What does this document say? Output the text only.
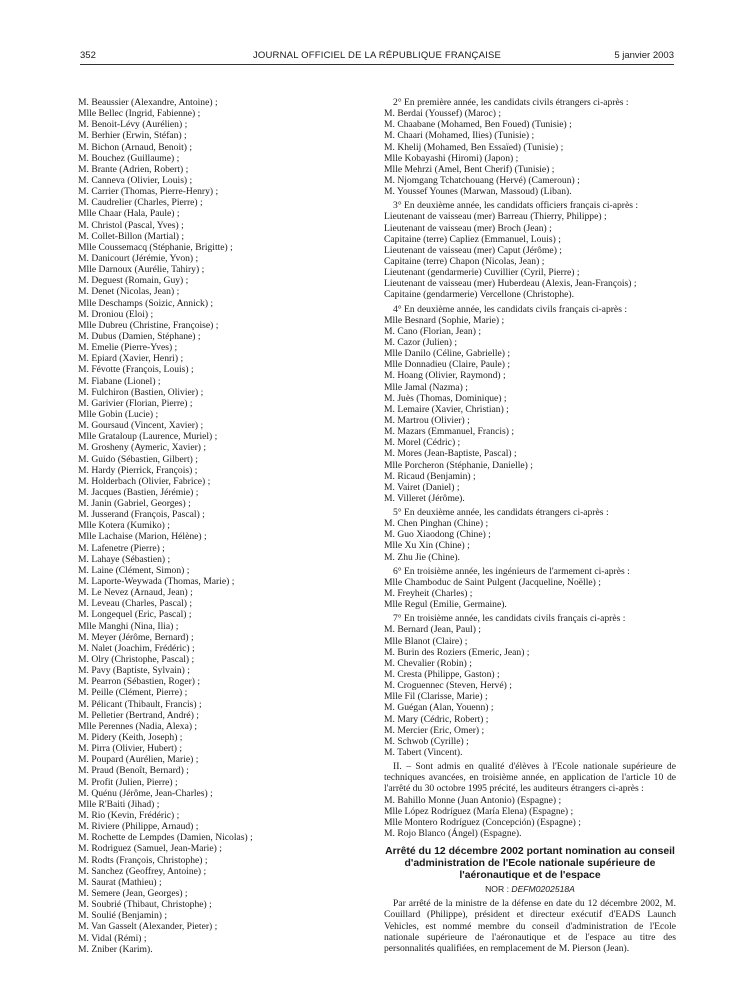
352	JOURNAL OFFICIEL DE LA RÉPUBLIQUE FRANÇAISE	5 janvier 2003
M. Beaussier (Alexandre, Antoine) ;
Mlle Bellec (Ingrid, Fabienne) ;
M. Benoit-Lévy (Aurélien) ;
M. Berhier (Erwin, Stéfan) ;
M. Bichon (Arnaud, Benoit) ;
M. Bouchez (Guillaume) ;
M. Brante (Adrien, Robert) ;
M. Canneva (Olivier, Louis) ;
M. Carrier (Thomas, Pierre-Henry) ;
M. Caudrelier (Charles, Pierre) ;
Mlle Chaar (Hala, Paule) ;
M. Christol (Pascal, Yves) ;
M. Collet-Billon (Martial) ;
Mlle Coussemacq (Stéphanie, Brigitte) ;
M. Danicourt (Jérémie, Yvon) ;
Mlle Darnoux (Aurélie, Tahiry) ;
M. Deguest (Romain, Guy) ;
M. Denet (Nicolas, Jean) ;
Mlle Deschamps (Soizic, Annick) ;
M. Droniou (Eloi) ;
Mlle Dubreu (Christine, Françoise) ;
M. Dubus (Damien, Stéphane) ;
M. Emelie (Pierre-Yves) ;
M. Epiard (Xavier, Henri) ;
M. Févotte (François, Louis) ;
M. Fiabane (Lionel) ;
M. Fulchiron (Bastien, Olivier) ;
M. Garivier (Florian, Pierre) ;
Mlle Gobin (Lucie) ;
M. Goursaud (Vincent, Xavier) ;
Mlle Grataloup (Laurence, Muriel) ;
M. Grosheny (Aymeric, Xavier) ;
M. Guido (Sébastien, Gilbert) ;
M. Hardy (Pierrick, François) ;
M. Holderbach (Olivier, Fabrice) ;
M. Jacques (Bastien, Jérémie) ;
M. Janin (Gabriel, Georges) ;
M. Jusserand (François, Pascal) ;
Mlle Kotera (Kumiko) ;
Mlle Lachaise (Marion, Hélène) ;
M. Lafenetre (Pierre) ;
M. Lahaye (Sébastien) ;
M. Laine (Clément, Simon) ;
M. Laporte-Weywada (Thomas, Marie) ;
M. Le Nevez (Arnaud, Jean) ;
M. Leveau (Charles, Pascal) ;
M. Longequel (Eric, Pascal) ;
Mlle Manghi (Nina, Ilia) ;
M. Meyer (Jérôme, Bernard) ;
M. Nalet (Joachim, Frédéric) ;
M. Olry (Christophe, Pascal) ;
M. Pavy (Baptiste, Sylvain) ;
M. Pearron (Sébastien, Roger) ;
M. Peille (Clément, Pierre) ;
M. Pélicant (Thibault, Francis) ;
M. Pelletier (Bertrand, André) ;
Mlle Perennes (Nadia, Alexa) ;
M. Pidery (Keith, Joseph) ;
M. Pirra (Olivier, Hubert) ;
M. Poupard (Aurélien, Marie) ;
M. Praud (Benoît, Bernard) ;
M. Profit (Julien, Pierre) ;
M. Quénu (Jérôme, Jean-Charles) ;
Mlle R'Baiti (Jihad) ;
M. Rio (Kevin, Frédéric) ;
M. Riviere (Philippe, Arnaud) ;
M. Rochette de Lempdes (Damien, Nicolas) ;
M. Rodriguez (Samuel, Jean-Marie) ;
M. Rodts (François, Christophe) ;
M. Sanchez (Geoffrey, Antoine) ;
M. Saurat (Mathieu) ;
M. Semere (Jean, Georges) ;
M. Soubrié (Thibaut, Christophe) ;
M. Soulié (Benjamin) ;
M. Van Gasselt (Alexander, Pieter) ;
M. Vidal (Rémi) ;
M. Zniber (Karim).
2° En première année, les candidats civils étrangers ci-après :
M. Berdai (Youssef) (Maroc) ;
M. Chaabane (Mohamed, Ben Foued) (Tunisie) ;
M. Chaari (Mohamed, Ilies) (Tunisie) ;
M. Khelij (Mohamed, Ben Essaïed) (Tunisie) ;
Mlle Kobayashi (Hiromi) (Japon) ;
Mlle Mehrzi (Amel, Bent Cherif) (Tunisie) ;
M. Njomgang Tchatchouang (Hervé) (Cameroun) ;
M. Youssef Younes (Marwan, Massoud) (Liban).
3° En deuxième année, les candidats officiers français ci-après :
Lieutenant de vaisseau (mer) Barreau (Thierry, Philippe) ;
Lieutenant de vaisseau (mer) Broch (Jean) ;
Capitaine (terre) Capliez (Emmanuel, Louis) ;
Lieutenant de vaisseau (mer) Caput (Jérôme) ;
Capitaine (terre) Chapon (Nicolas, Jean) ;
Lieutenant (gendarmerie) Cuvillier (Cyril, Pierre) ;
Lieutenant de vaisseau (mer) Huberdeau (Alexis, Jean-François) ;
Capitaine (gendarmerie) Vercellone (Christophe).
4° En deuxième année, les candidats civils français ci-après :
Mlle Besnard (Sophie, Marie) ;
M. Cano (Florian, Jean) ;
M. Cazor (Julien) ;
Mlle Danilo (Céline, Gabrielle) ;
Mlle Donnadieu (Claire, Paule) ;
M. Hoang (Olivier, Raymond) ;
Mlle Jamal (Nazma) ;
M. Juès (Thomas, Dominique) ;
M. Lemaire (Xavier, Christian) ;
M. Martrou (Olivier) ;
M. Mazars (Emmanuel, Francis) ;
M. Morel (Cédric) ;
M. Mores (Jean-Baptiste, Pascal) ;
Mlle Porcheron (Stéphanie, Danielle) ;
M. Ricaud (Benjamin) ;
M. Vairet (Daniel) ;
M. Villeret (Jérôme).
5° En deuxième année, les candidats étrangers ci-après :
M. Chen Pinghan (Chine) ;
M. Guo Xiaodong (Chine) ;
Mlle Xu Xin (Chine) ;
M. Zhu Jie (Chine).
6° En troisième année, les ingénieurs de l'armement ci-après :
Mlle Chamboduc de Saint Pulgent (Jacqueline, Noëlle) ;
M. Freyheit (Charles) ;
Mlle Regul (Emilie, Germaine).
7° En troisième année, les candidats civils français ci-après :
M. Bernard (Jean, Paul) ;
Mlle Blanot (Claire) ;
M. Burin des Roziers (Emeric, Jean) ;
M. Chevalier (Robin) ;
M. Cresta (Philippe, Gaston) ;
M. Croguennec (Steven, Hervé) ;
Mlle Fil (Clarisse, Marie) ;
M. Guégan (Alan, Youenn) ;
M. Mary (Cédric, Robert) ;
M. Mercier (Eric, Omer) ;
M. Schwob (Cyrille) ;
M. Tabert (Vincent).
II. – Sont admis en qualité d'élèves à l'Ecole nationale supérieure de techniques avancées, en troisième année, en application de l'article 10 de l'arrêté du 30 octobre 1995 précité, les auditeurs étrangers ci-après :
M. Bahillo Monne (Juan Antonio) (Espagne) ;
Mlle López Rodríguez (María Elena) (Espagne) ;
Mlle Montero Rodríguez (Concepción) (Espagne) ;
M. Rojo Blanco (Ángel) (Espagne).
Arrêté du 12 décembre 2002 portant nomination au conseil d'administration de l'Ecole nationale supérieure de l'aéronautique et de l'espace
NOR : DEFM0202518A
Par arrêté de la ministre de la défense en date du 12 décembre 2002, M. Couillard (Philippe), président et directeur exécutif d'EADS Launch Vehicles, est nommé membre du conseil d'administration de l'Ecole nationale supérieure de l'aéronautique et de l'espace au titre des personnalités qualifiées, en remplacement de M. Pierson (Jean).
